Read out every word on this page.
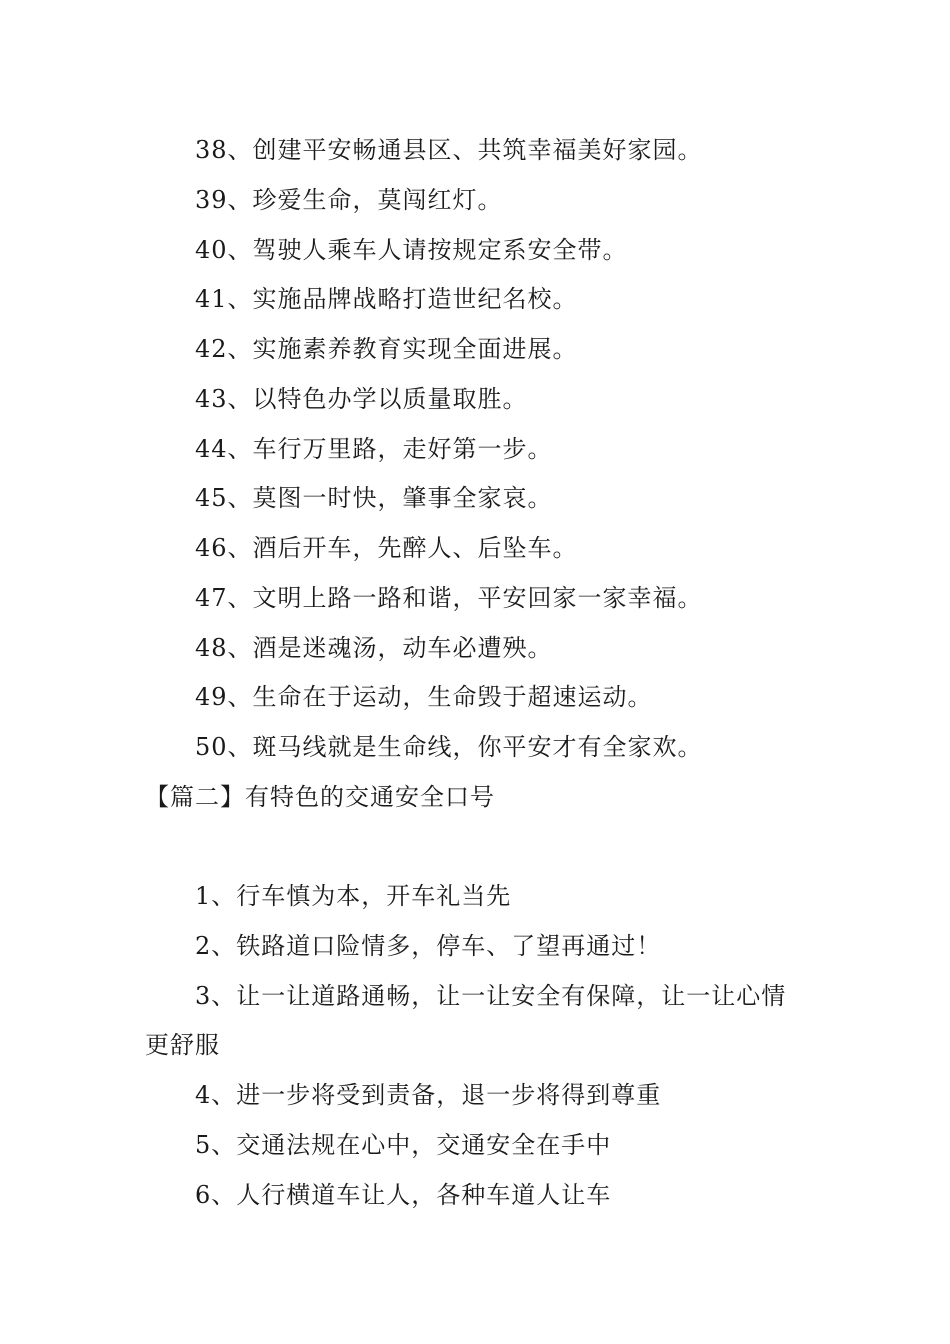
38、创建平安畅通县区、共筑幸福美好家园。
39、珍爱生命，莫闯红灯。
40、驾驶人乘车人请按规定系安全带。
41、实施品牌战略打造世纪名校。
42、实施素养教育实现全面进展。
43、以特色办学以质量取胜。
44、车行万里路，走好第一步。
45、莫图一时快，肇事全家哀。
46、酒后开车，先醉人、后坠车。
47、文明上路一路和谐，平安回家一家幸福。
48、酒是迷魂汤，动车必遭殃。
49、生命在于运动，生命毁于超速运动。
50、斑马线就是生命线，你平安才有全家欢。
【篇二】有特色的交通安全口号
1、行车慎为本，开车礼当先
2、铁路道口险情多，停车、了望再通过！
3、让一让道路通畅，让一让安全有保障，让一让心情
更舒服
4、进一步将受到责备，退一步将得到尊重
5、交通法规在心中，交通安全在手中
6、人行横道车让人，各种车道人让车
